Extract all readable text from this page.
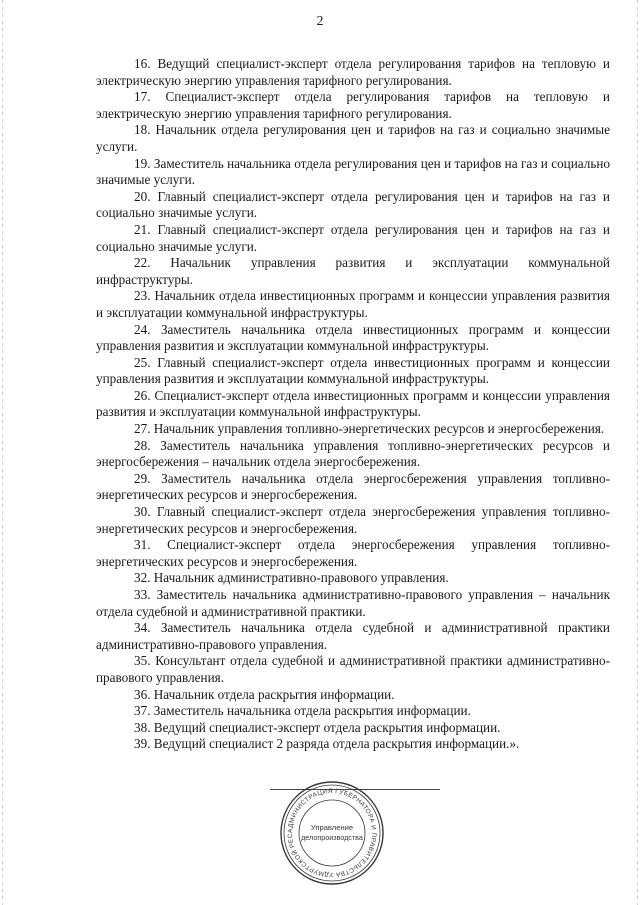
2

16. Ведущий специалист-эксперт отдела регулирования тарифов на тепловую и электрическую энергию управления тарифного регулирования.

17. Специалист-эксперт отдела регулирования тарифов на тепловую и электрическую энергию управления тарифного регулирования.

18. Начальник отдела регулирования цен и тарифов на газ и социально значимые услуги.

19. Заместитель начальника отдела регулирования цен и тарифов на газ и социально значимые услуги.

20. Главный специалист-эксперт отдела регулирования цен и тарифов на газ и социально значимые услуги.

21. Главный специалист-эксперт отдела регулирования цен и тарифов на газ и социально значимые услуги.

22. Начальник управления развития и эксплуатации коммунальной инфраструктуры.

23. Начальник отдела инвестиционных программ и концессии управления развития и эксплуатации коммунальной инфраструктуры.

24. Заместитель начальника отдела инвестиционных программ и концессии управления развития и эксплуатации коммунальной инфраструктуры.

25. Главный специалист-эксперт отдела инвестиционных программ и концессии управления развития и эксплуатации коммунальной инфраструктуры.

26. Специалист-эксперт отдела инвестиционных программ и концессии управления развития и эксплуатации коммунальной инфраструктуры.

27. Начальник управления топливно-энергетических ресурсов и энергосбережения.

28. Заместитель начальника управления топливно-энергетических ресурсов и энергосбережения – начальник отдела энергосбережения.

29. Заместитель начальника отдела энергосбережения управления топливно-энергетических ресурсов и энергосбережения.

30. Главный специалист-эксперт отдела энергосбережения управления топливно-энергетических ресурсов и энергосбережения.

31. Специалист-эксперт отдела энергосбережения управления топливно-энергетических ресурсов и энергосбережения.

32. Начальник административно-правового управления.

33. Заместитель начальника административно-правового управления – начальник отдела судебной и административной практики.

34. Заместитель начальника отдела судебной и административной практики административно-правового управления.

35. Консультант отдела судебной и административной практики административно-правового управления.

36. Начальник отдела раскрытия информации.

37. Заместитель начальника отдела раскрытия информации.

38. Ведущий специалист-эксперт отдела раскрытия информации.

39. Ведущий специалист 2 разряда отдела раскрытия информации.».

АДМИНИСТРАЦИЯ ГУБЕРНАТОРА И ПРАВИТЕЛЬСТВА УДМУРТСКОЙ РЕС
Управление
делопроизводства
